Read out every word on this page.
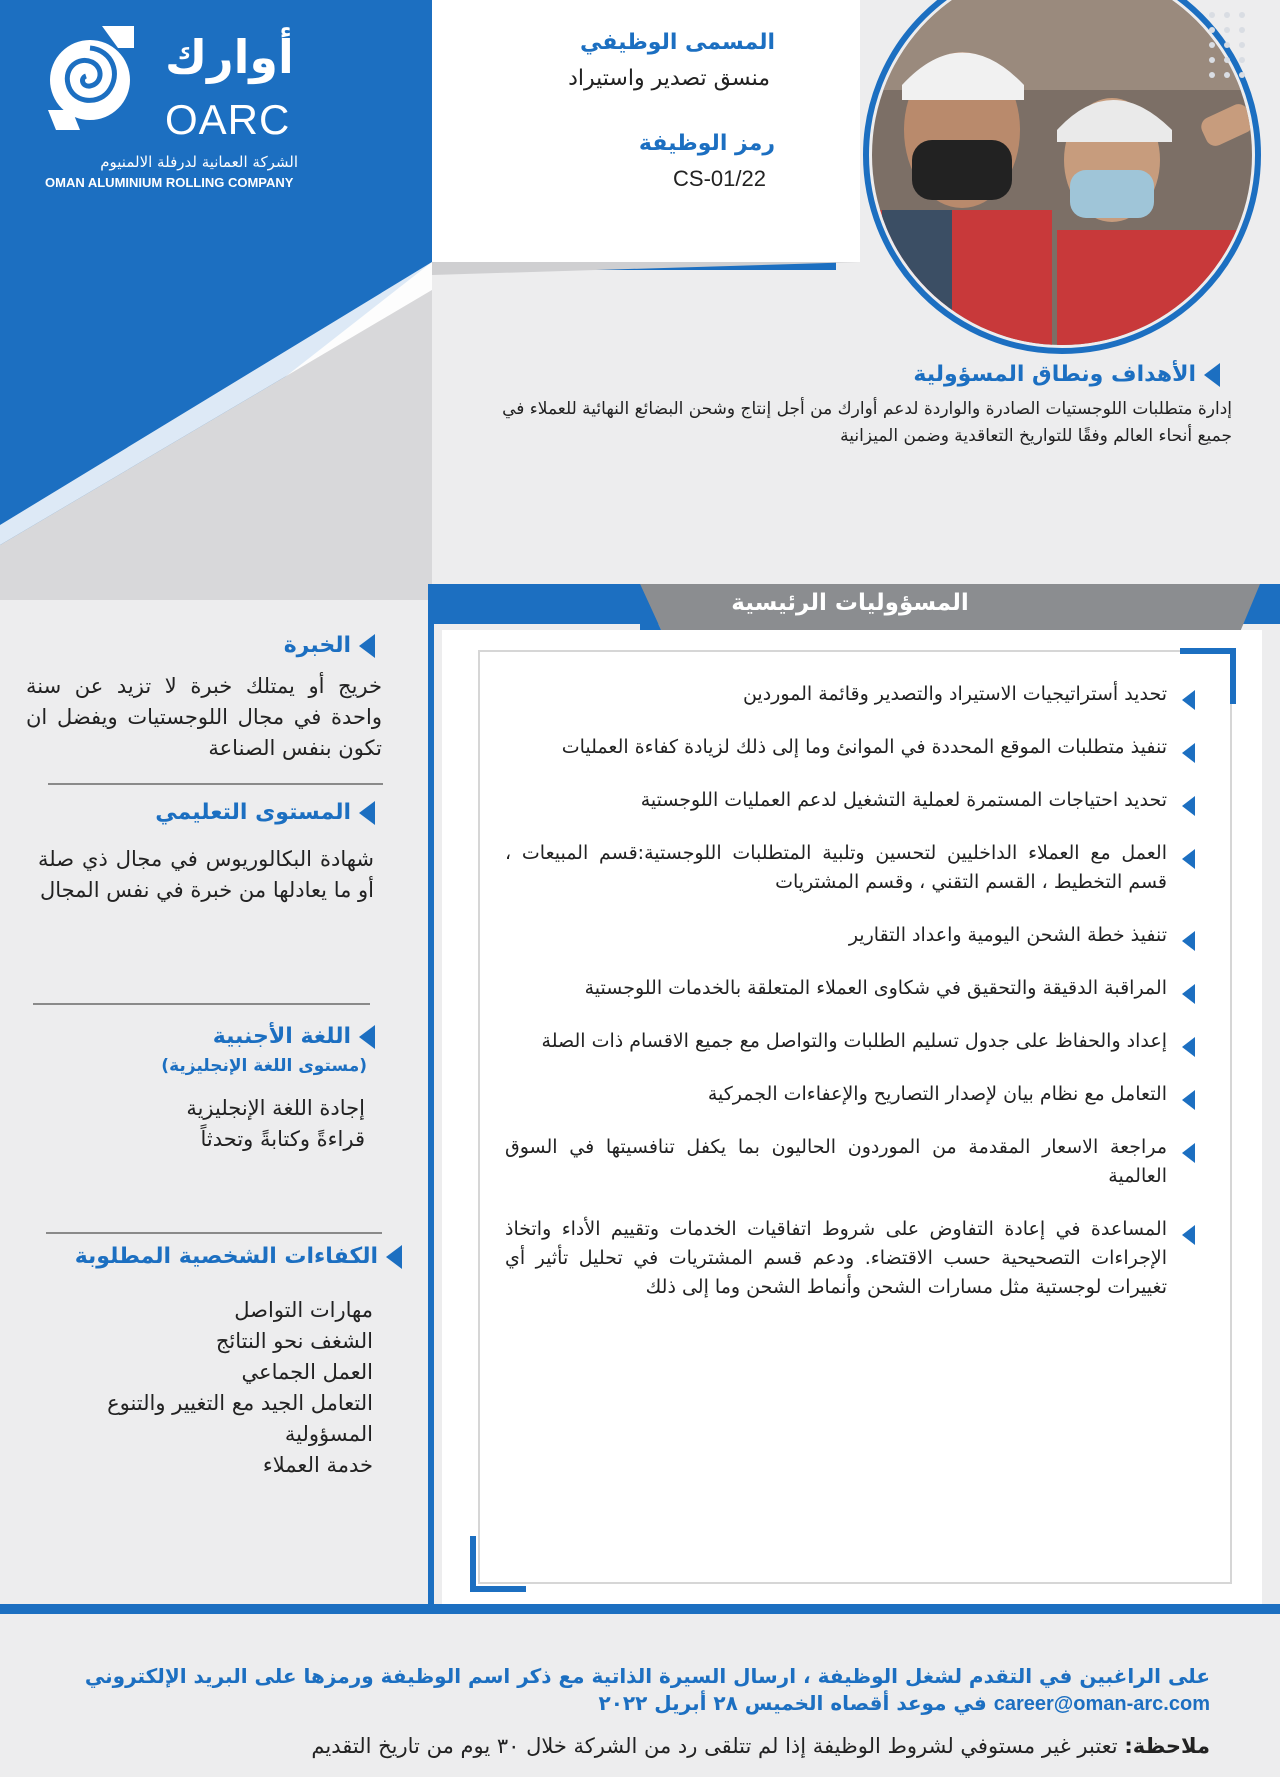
أوارك
OARC
الشركة العمانية لدرفلة الالمنيوم
OMAN ALUMINIUM ROLLING COMPANY
المسمى الوظيفي
منسق تصدير واستيراد
رمز الوظيفة
CS-01/22
الأهداف ونطاق المسؤولية
إدارة متطلبات اللوجستيات الصادرة والواردة لدعم أوارك من أجل إنتاج وشحن البضائع النهائية للعملاء في جميع أنحاء العالم وفقًا للتواريخ التعاقدية وضمن الميزانية
المسؤوليات الرئيسية
تحديد أستراتيجيات الاستيراد والتصدير وقائمة الموردين
تنفيذ متطلبات الموقع المحددة في الموانئ وما إلى ذلك لزيادة كفاءة العمليات
تحديد احتياجات المستمرة لعملية التشغيل لدعم العمليات اللوجستية
العمل مع العملاء الداخليين لتحسين وتلبية المتطلبات اللوجستية:قسم المبيعات ، قسم التخطيط ، القسم التقني ، وقسم المشتريات
تنفيذ خطة الشحن اليومية واعداد التقارير
المراقبة الدقيقة والتحقيق في شكاوى العملاء المتعلقة بالخدمات اللوجستية
إعداد والحفاظ على جدول تسليم الطلبات والتواصل مع جميع الاقسام ذات الصلة
التعامل مع نظام بيان لإصدار التصاريح والإعفاءات الجمركية
مراجعة الاسعار المقدمة من الموردون الحاليون بما يكفل تنافسيتها في السوق العالمية
المساعدة في إعادة التفاوض على شروط اتفاقيات الخدمات وتقييم الأداء واتخاذ الإجراءات التصحيحية حسب الاقتضاء. ودعم قسم المشتريات في تحليل تأثير أي تغييرات لوجستية مثل مسارات الشحن وأنماط الشحن وما إلى ذلك
الخبرة
خريج أو يمتلك خبرة لا تزيد عن سنة واحدة في مجال اللوجستيات ويفضل ان تكون بنفس الصناعة
المستوى التعليمي
شهادة البكالوريوس في مجال ذي صلة أو ما يعادلها من خبرة في نفس المجال
اللغة الأجنبية
(مستوى اللغة الإنجليزية)
إجادة اللغة الإنجليزية قراءةً وكتابةً وتحدثاً
الكفاءات الشخصية المطلوبة
مهارات التواصل
الشغف نحو النتائج
العمل الجماعي
التعامل الجيد مع التغيير والتنوع
المسؤولية
خدمة العملاء
على الراغبين في التقدم لشغل الوظيفة ، ارسال السيرة الذاتية مع ذكر اسم الوظيفة ورمزها على البريد الإلكتروني
career@oman-arc.com في موعد أقصاه الخميس ٢٨ أبريل ٢٠٢٢
ملاحظة: تعتبر غير مستوفي لشروط الوظيفة إذا لم تتلقى رد من الشركة خلال ٣٠ يوم من تاريخ التقديم
